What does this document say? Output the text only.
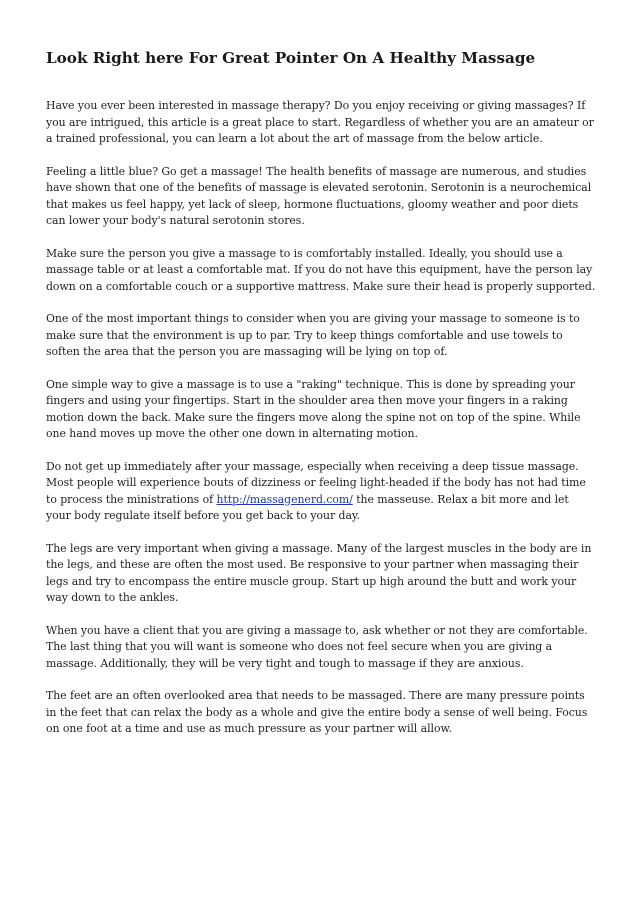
Look Right here For Great Pointer On A Healthy Massage

Have you ever been interested in massage therapy? Do you enjoy receiving or giving massages? If you are intrigued, this article is a great place to start. Regardless of whether you are an amateur or a trained professional, you can learn a lot about the art of massage from the below article.

Feeling a little blue? Go get a massage! The health benefits of massage are numerous, and studies have shown that one of the benefits of massage is elevated serotonin. Serotonin is a neurochemical that makes us feel happy, yet lack of sleep, hormone fluctuations, gloomy weather and poor diets can lower your body's natural serotonin stores.

Make sure the person you give a massage to is comfortably installed. Ideally, you should use a massage table or at least a comfortable mat. If you do not have this equipment, have the person lay down on a comfortable couch or a supportive mattress. Make sure their head is properly supported.

One of the most important things to consider when you are giving your massage to someone is to make sure that the environment is up to par. Try to keep things comfortable and use towels to soften the area that the person you are massaging will be lying on top of.

One simple way to give a massage is to use a "raking" technique. This is done by spreading your fingers and using your fingertips. Start in the shoulder area then move your fingers in a raking motion down the back. Make sure the fingers move along the spine not on top of the spine. While one hand moves up move the other one down in alternating motion.

Do not get up immediately after your massage, especially when receiving a deep tissue massage. Most people will experience bouts of dizziness or feeling light-headed if the body has not had time to process the ministrations of http://massagenerd.com/ the masseuse. Relax a bit more and let your body regulate itself before you get back to your day.

The legs are very important when giving a massage. Many of the largest muscles in the body are in the legs, and these are often the most used. Be responsive to your partner when massaging their legs and try to encompass the entire muscle group. Start up high around the butt and work your way down to the ankles.

When you have a client that you are giving a massage to, ask whether or not they are comfortable. The last thing that you will want is someone who does not feel secure when you are giving a massage. Additionally, they will be very tight and tough to massage if they are anxious.

The feet are an often overlooked area that needs to be massaged. There are many pressure points in the feet that can relax the body as a whole and give the entire body a sense of well being. Focus on one foot at a time and use as much pressure as your partner will allow.
